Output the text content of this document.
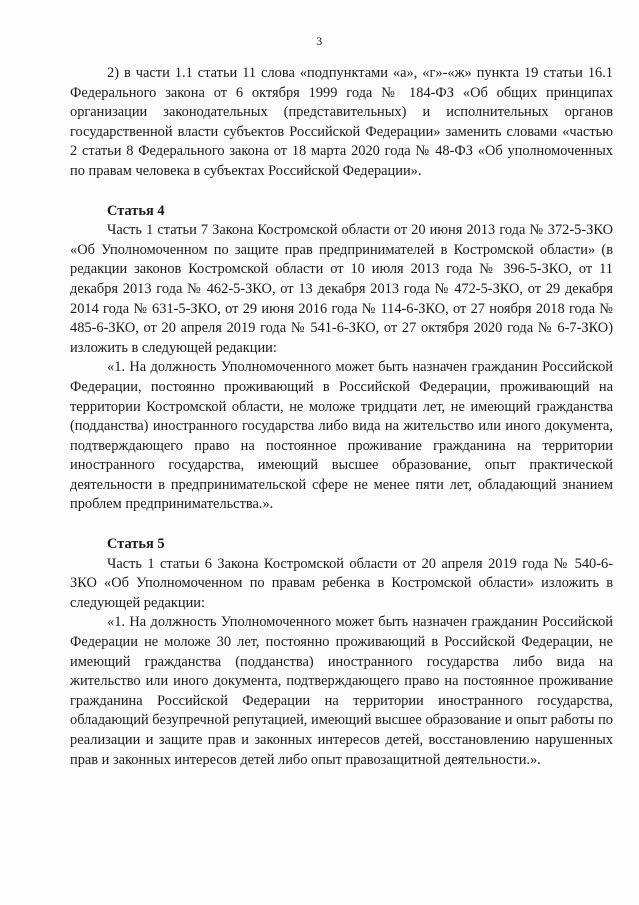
3

2) в части 1.1 статьи 11 слова «подпунктами «а», «г»-«ж» пункта 19 статьи 16.1 Федерального закона от 6 октября 1999 года № 184-ФЗ «Об общих принципах организации законодательных (представительных) и исполнительных органов государственной власти субъектов Российской Федерации» заменить словами «частью 2 статьи 8 Федерального закона от 18 марта 2020 года № 48-ФЗ «Об уполномоченных по правам человека в субъектах Российской Федерации».

Статья 4

Часть 1 статьи 7 Закона Костромской области от 20 июня 2013 года № 372-5-ЗКО «Об Уполномоченном по защите прав предпринимателей в Костромской области» (в редакции законов Костромской области от 10 июля 2013 года № 396-5-ЗКО, от 11 декабря 2013 года № 462-5-ЗКО, от 13 декабря 2013 года № 472-5-ЗКО, от 29 декабря 2014 года № 631-5-ЗКО, от 29 июня 2016 года № 114-6-ЗКО, от 27 ноября 2018 года № 485-6-ЗКО, от 20 апреля 2019 года № 541-6-ЗКО, от 27 октября 2020 года № 6-7-ЗКО) изложить в следующей редакции:

«1. На должность Уполномоченного может быть назначен гражданин Российской Федерации, постоянно проживающий в Российской Федерации, проживающий на территории Костромской области, не моложе тридцати лет, не имеющий гражданства (подданства) иностранного государства либо вида на жительство или иного документа, подтверждающего право на постоянное проживание гражданина на территории иностранного государства, имеющий высшее образование, опыт практической деятельности в предпринимательской сфере не менее пяти лет, обладающий знанием проблем предпринимательства.».

Статья 5

Часть 1 статьи 6 Закона Костромской области от 20 апреля 2019 года № 540-6-ЗКО «Об Уполномоченном по правам ребенка в Костромской области» изложить в следующей редакции:

«1. На должность Уполномоченного может быть назначен гражданин Российской Федерации не моложе 30 лет, постоянно проживающий в Российской Федерации, не имеющий гражданства (подданства) иностранного государства либо вида на жительство или иного документа, подтверждающего право на постоянное проживание гражданина Российской Федерации на территории иностранного государства, обладающий безупречной репутацией, имеющий высшее образование и опыт работы по реализации и защите прав и законных интересов детей, восстановлению нарушенных прав и законных интересов детей либо опыт правозащитной деятельности.».
